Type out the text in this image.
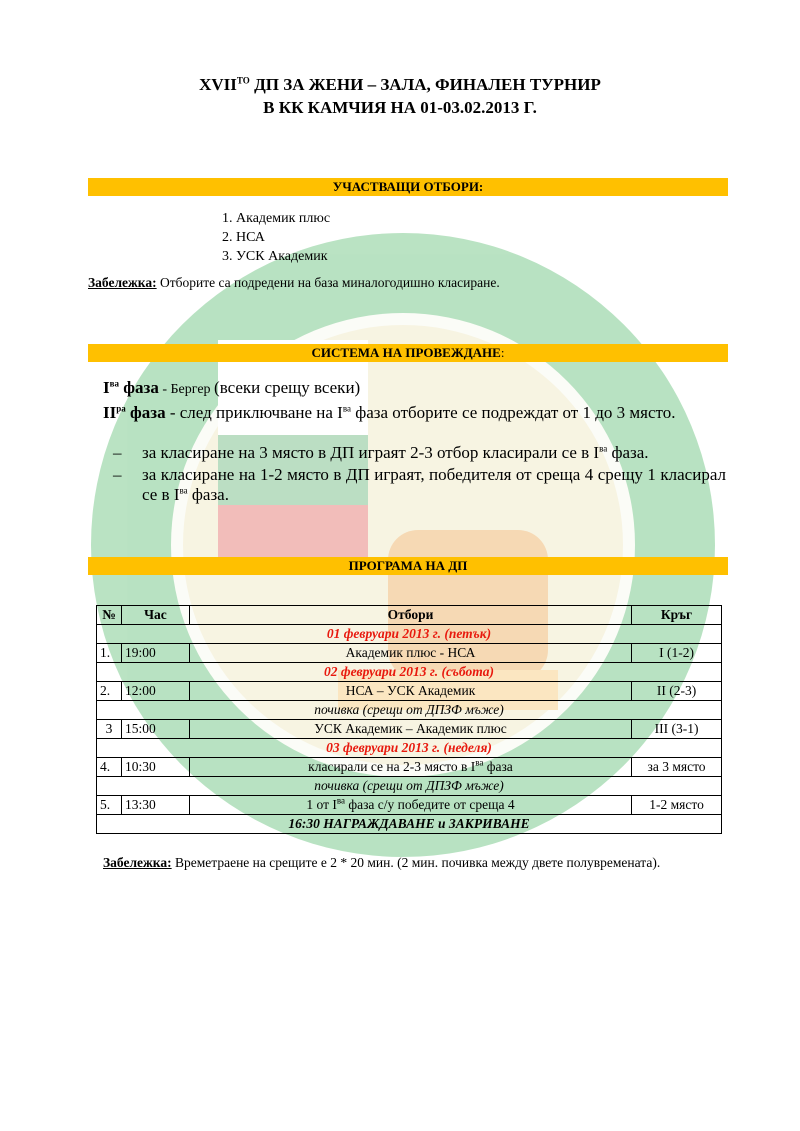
$XVII^{ТО}$ ДП ЗА ЖЕНИ – ЗАЛА, ФИНАЛЕН ТУРНИР
В КК КАМЧИЯ НА 01-03.02.2013 Г.
УЧАСТВАЩИ ОТБОРИ:
1. Академик плюс
2. НСА
3. УСК Академик
Забележка: Отборите са подредени на база миналогодишно класиране.
СИСТЕМА НА ПРОВЕЖДАНЕ:
$I^{ва}$ фаза - Бергер (всеки срещу всеки)
$II^{ра}$ фаза - след приключване на $I^{ва}$ фаза отборите се подреждат от 1 до 3 място.
– за класиране на 3 място в ДП играят 2-3 отбор класирали се в $I^{ва}$ фаза.
– за класиране на 1-2 място в ДП играят, победителя от среща 4 срещу 1 класирал се в $I^{ва}$ фаза.
ПРОГРАМА НА ДП
№	Час	Отбори	Кръг
01 февруари 2013 г. (петък)			
1.	19:00	Академик плюс - НСА	I (1-2)
02 февруари 2013 г. (събота)			
2.	12:00	НСА – УСК Академик	II (2-3)
почивка (срещи от ДПЗФ мъже)			
3	15:00	УСК Академик – Академик плюс	III (3-1)
03 февруари 2013 г. (неделя)			
4.	10:30	класирали се на 2-3 място в $I^{ва}$ фаза	за 3 място
почивка (срещи от ДПЗФ мъже)			
5.	13:30	1 от $I^{ва}$ фаза с/у победите от среща 4	1-2 място
16:30 НАГРАЖДАВАНЕ и ЗАКРИВАНЕ			
Забележка: Времетраене на срещите е 2 * 20 мин. (2 мин. почивка между двете полувремената).
